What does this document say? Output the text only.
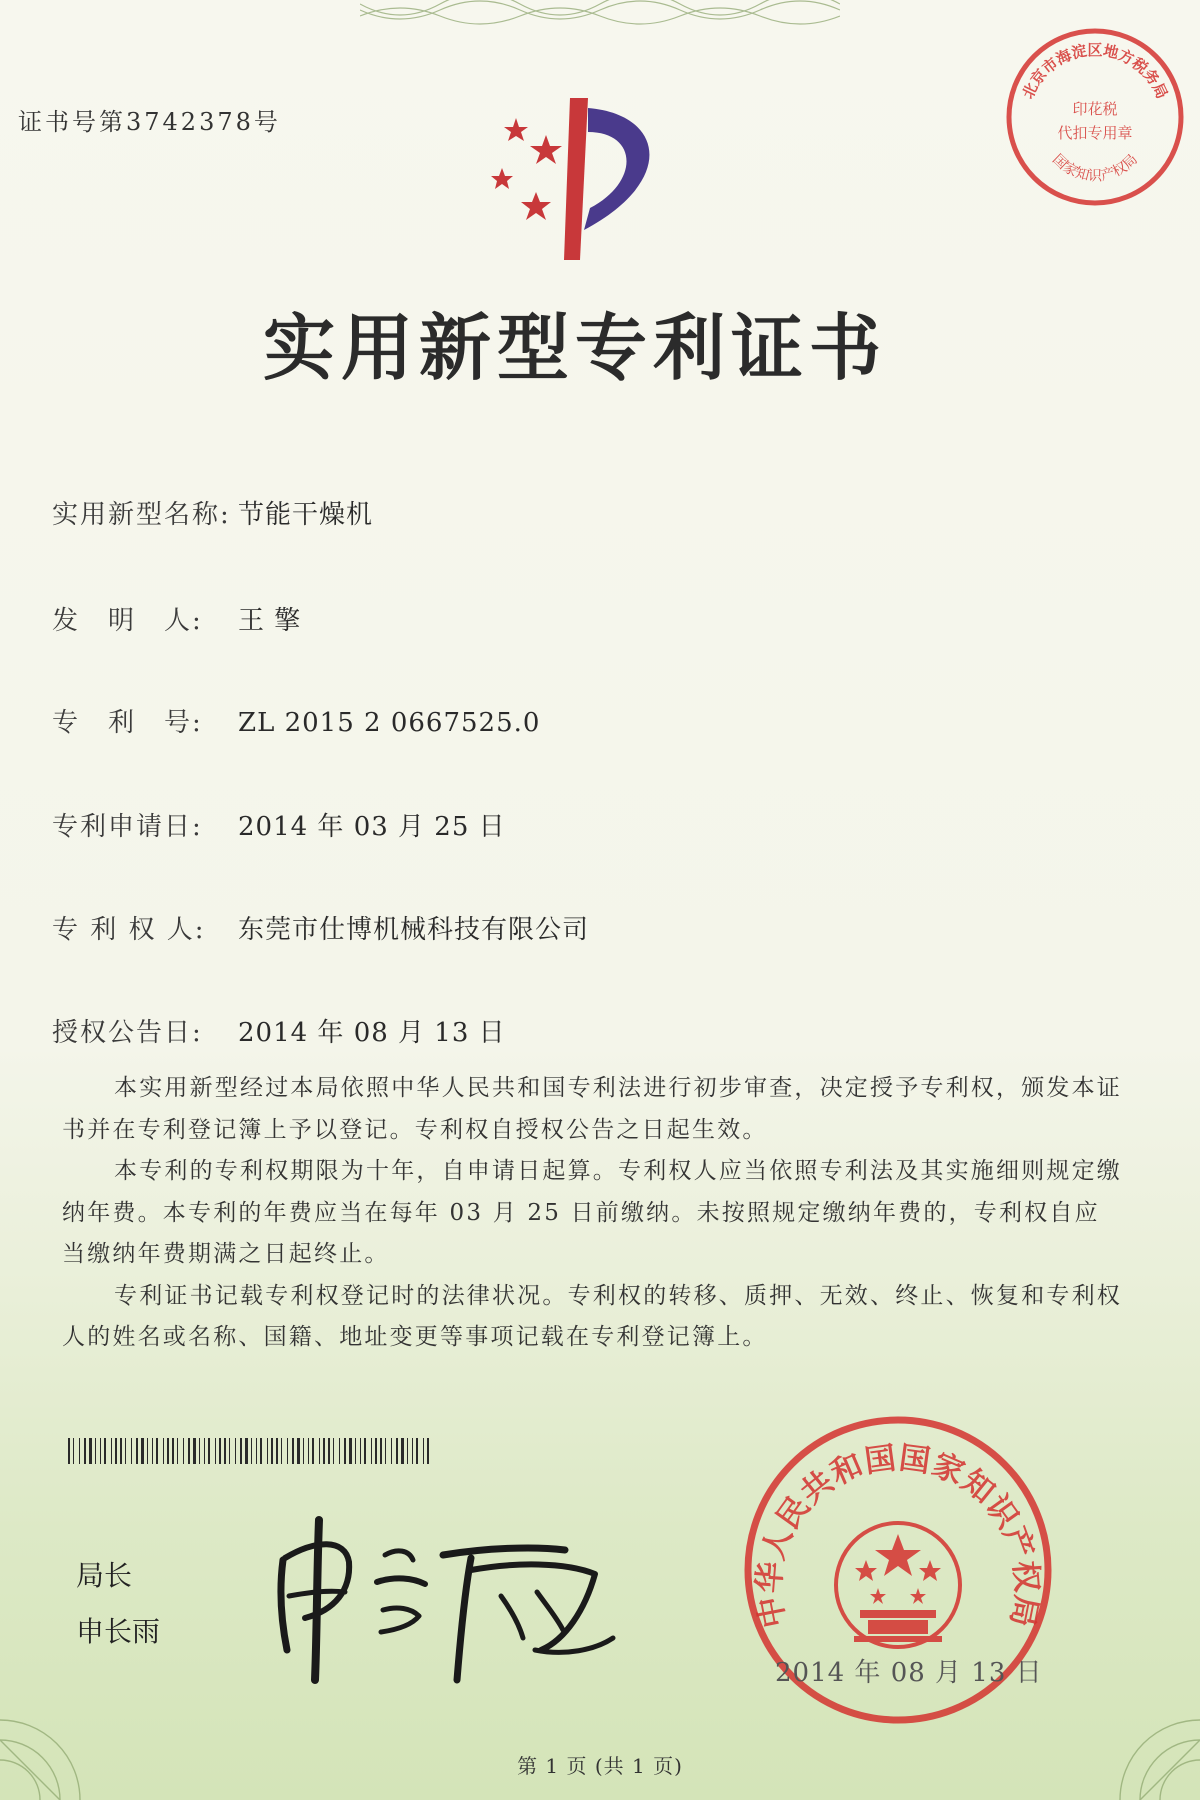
证书号第3742378号
北京市海淀区地方税务局
印花税
代扣专用章
国家知识产权局
实用新型专利证书
实用新型名称: 节能干燥机
发　明　人: 王 擎
专　利　号: ZL 2015 2 0667525.0
专利申请日: 2014 年 03 月 25 日
专 利 权 人: 东莞市仕博机械科技有限公司
授权公告日: 2014 年 08 月 13 日

本实用新型经过本局依照中华人民共和国专利法进行初步审查，决定授予专利权，颁发本证书并在专利登记簿上予以登记。专利权自授权公告之日起生效。

本专利的专利权期限为十年，自申请日起算。专利权人应当依照专利法及其实施细则规定缴纳年费。本专利的年费应当在每年 03 月 25 日前缴纳。未按照规定缴纳年费的，专利权自应当缴纳年费期满之日起终止。

专利证书记载专利权登记时的法律状况。专利权的转移、质押、无效、终止、恢复和专利权人的姓名或名称、国籍、地址变更等事项记载在专利登记簿上。

局长
申长雨
中华人民共和国国家知识产权局
2014 年 08 月 13 日
第 1 页 (共 1 页)
